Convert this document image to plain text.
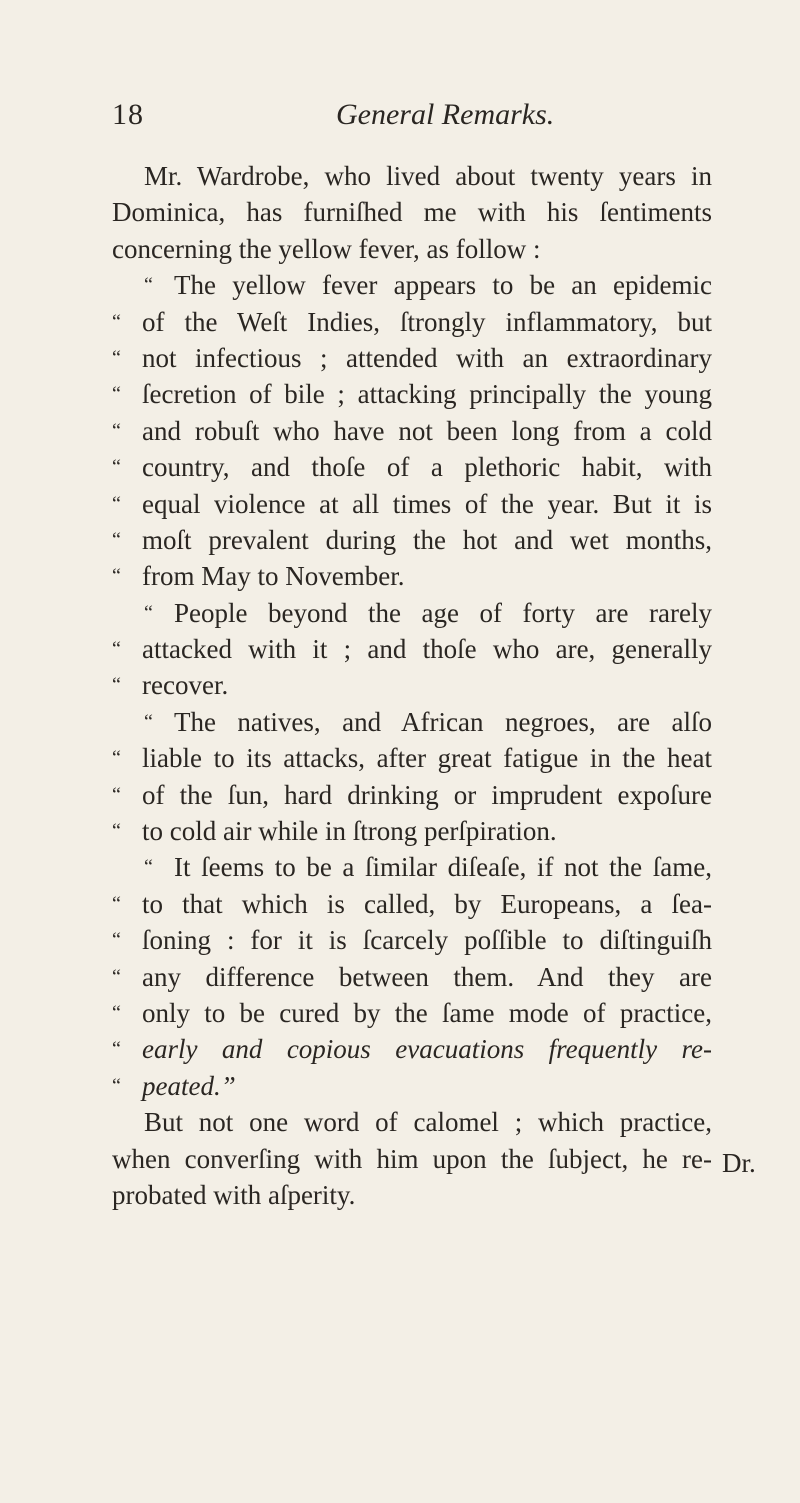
18	General Remarks.
Mr. Wardrobe, who lived about twenty years in
Dominica, has furniſhed me with his ſentiments
concerning the yellow fever, as follow :
“ The yellow fever appears to be an epidemic
“ of the Weſt Indies, ſtrongly inflammatory, but
“ not infectious ; attended with an extraordinary
“ ſecretion of bile ; attacking principally the young
“ and robuſt who have not been long from a cold
“ country, and thoſe of a plethoric habit, with
“ equal violence at all times of the year. But it is
“ moſt prevalent during the hot and wet months,
“ from May to November.
“ People beyond the age of forty are rarely
“ attacked with it ; and thoſe who are, generally
“ recover.
“ The natives, and African negroes, are alſo
“ liable to its attacks, after great fatigue in the heat
“ of the ſun, hard drinking or imprudent expoſure
“ to cold air while in ſtrong perſpiration.
“ It ſeems to be a ſimilar diſeaſe, if not the ſame,
“ to that which is called, by Europeans, a ſea-
“ ſoning : for it is ſcarcely poſſible to diſtinguiſh
“ any difference between them. And they are
“ only to be cured by the ſame mode of practice,
“ early and copious evacuations frequently re-
“ peated.”
But not one word of calomel ; which practice,
when converſing with him upon the ſubject, he re-
probated with aſperity.
Dr.
